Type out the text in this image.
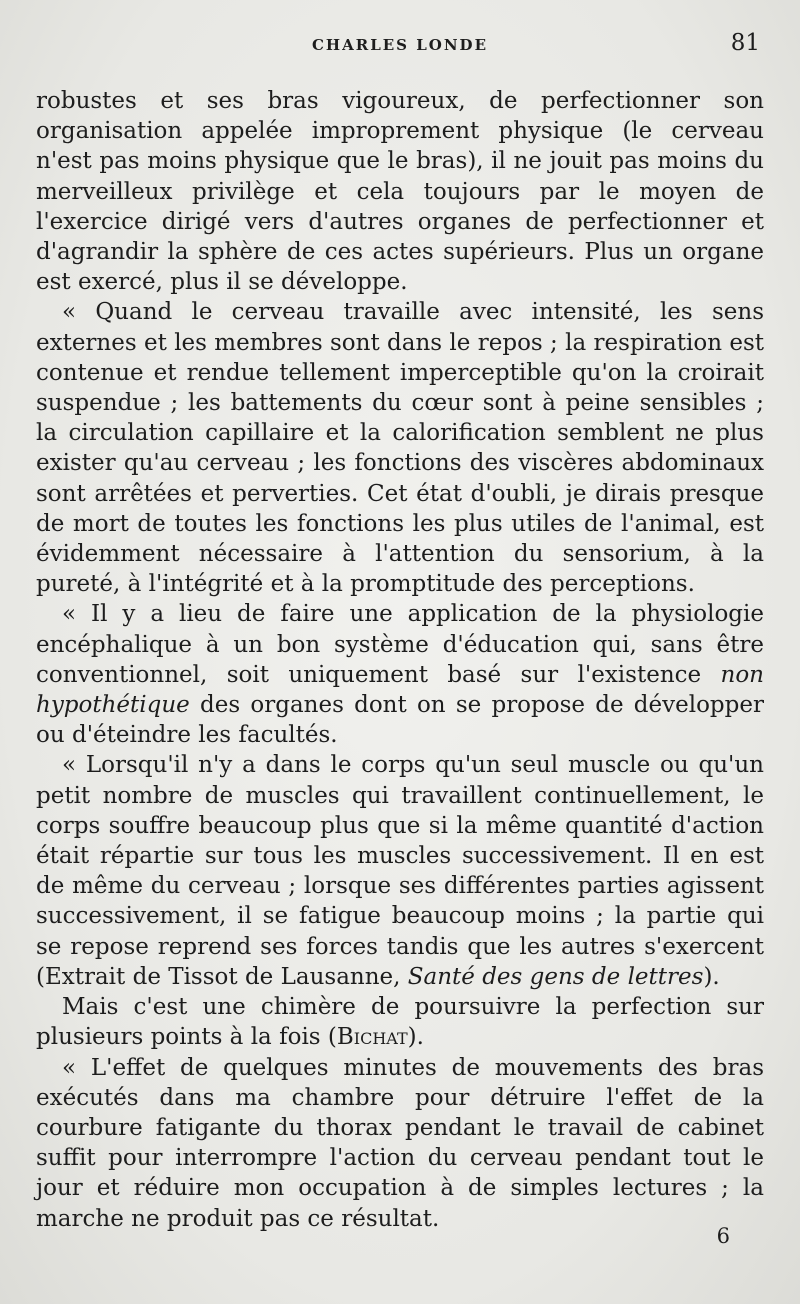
CHARLES LONDE	81

robustes et ses bras vigoureux, de perfectionner son organisation appelée improprement physique (le cerveau n'est pas moins physique que le bras), il ne jouit pas moins du merveilleux privilège et cela toujours par le moyen de l'exercice dirigé vers d'autres organes de perfectionner et d'agrandir la sphère de ces actes supérieurs. Plus un organe est exercé, plus il se développe.

« Quand le cerveau travaille avec intensité, les sens externes et les membres sont dans le repos ; la respiration est contenue et rendue tellement imperceptible qu'on la croirait suspendue ; les battements du cœur sont à peine sensibles ; la circulation capillaire et la calorification semblent ne plus exister qu'au cerveau ; les fonctions des viscères abdominaux sont arrêtées et perverties. Cet état d'oubli, je dirais presque de mort de toutes les fonctions les plus utiles de l'animal, est évidemment nécessaire à l'attention du sensorium, à la pureté, à l'intégrité et à la promptitude des perceptions.

« Il y a lieu de faire une application de la physiologie encéphalique à un bon système d'éducation qui, sans être conventionnel, soit uniquement basé sur l'existence non hypothétique des organes dont on se propose de développer ou d'éteindre les facultés.

« Lorsqu'il n'y a dans le corps qu'un seul muscle ou qu'un petit nombre de muscles qui travaillent continuellement, le corps souffre beaucoup plus que si la même quantité d'action était répartie sur tous les muscles successivement. Il en est de même du cerveau ; lorsque ses différentes parties agissent successivement, il se fatigue beaucoup moins ; la partie qui se repose reprend ses forces tandis que les autres s'exercent (Extrait de Tissot de Lausanne, Santé des gens de lettres).

Mais c'est une chimère de poursuivre la perfection sur plusieurs points à la fois (Bichat).

« L'effet de quelques minutes de mouvements des bras exécutés dans ma chambre pour détruire l'effet de la courbure fatigante du thorax pendant le travail de cabinet suffit pour interrompre l'action du cerveau pendant tout le jour et réduire mon occupation à de simples lectures ; la marche ne produit pas ce résultat.

6
